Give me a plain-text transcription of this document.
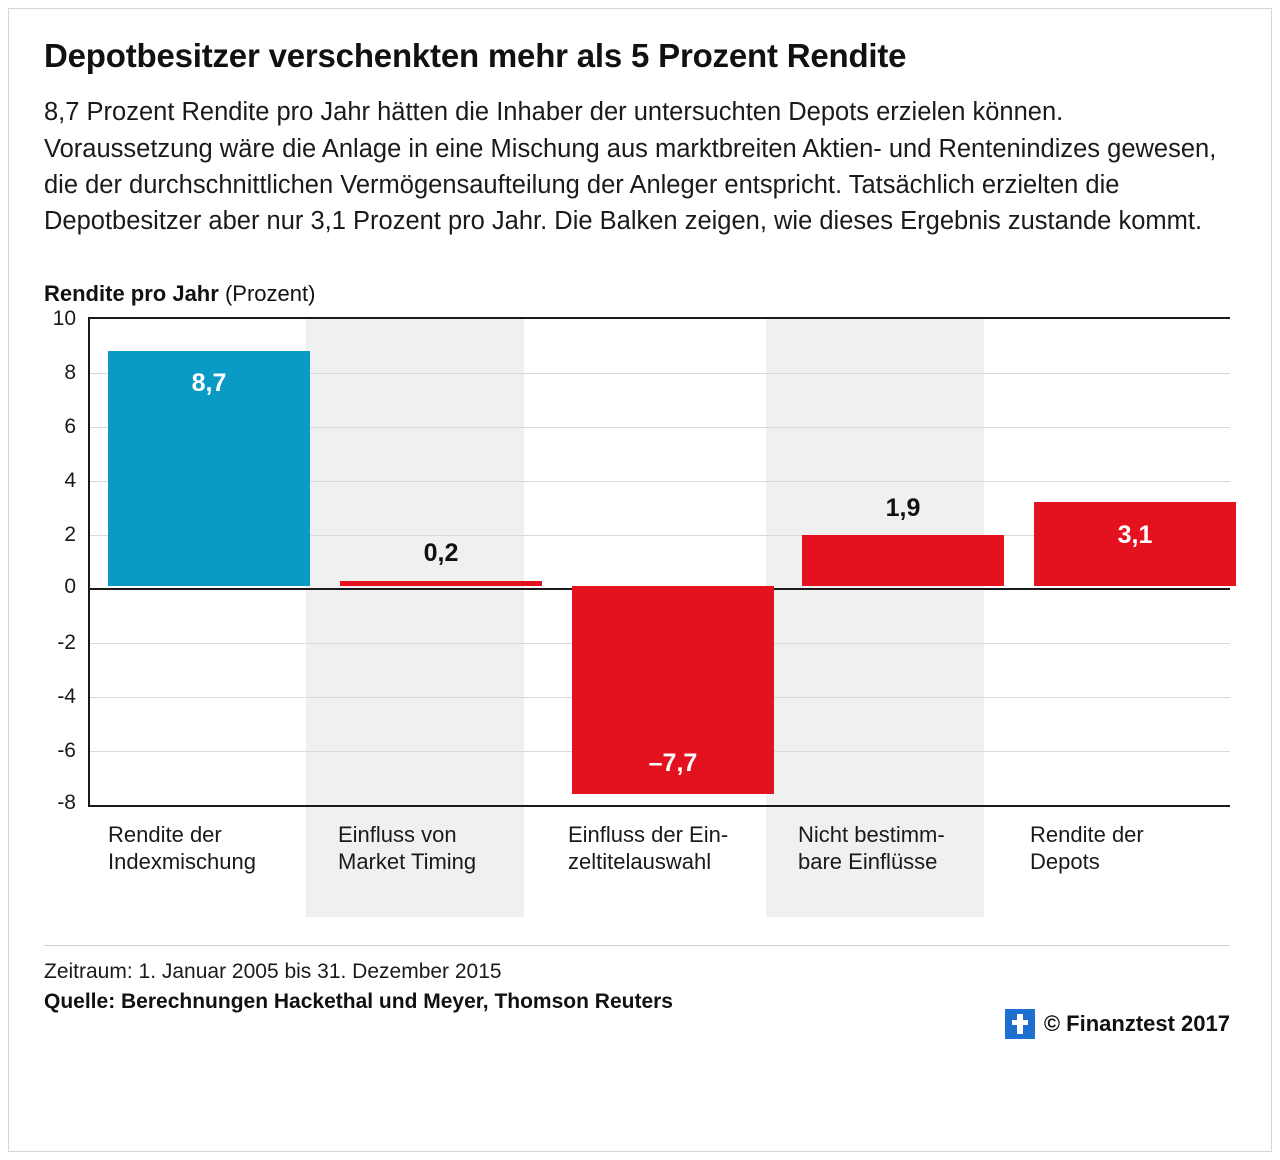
Depotbesitzer verschenkten mehr als 5 Prozent Rendite

8,7 Prozent Rendite pro Jahr hätten die Inhaber der untersuchten Depots erzielen können. Voraussetzung wäre die Anlage in eine Mischung aus marktbreiten Aktien- und Rentenindizes gewesen, die der durchschnittlichen Vermögensaufteilung der Anleger entspricht. Tatsächlich erzielten die Depotbesitzer aber nur 3,1 Prozent pro Jahr. Die Balken zeigen, wie dieses Ergebnis zustande kommt.

Rendite pro Jahr (Prozent)
10
8
6
4
2
0
-2
-4
-6
-8
8,7
0,2
–7,7
1,9
3,1
Rendite der
Indexmischung
Einfluss von
Market Timing
Einfluss der Ein-
zeltitelauswahl
Nicht bestimm-
bare Einflüsse
Rendite der
Depots
Zeitraum: 1. Januar 2005 bis 31. Dezember 2015
Quelle: Berechnungen Hackethal und Meyer, Thomson Reuters
© Finanztest 2017
